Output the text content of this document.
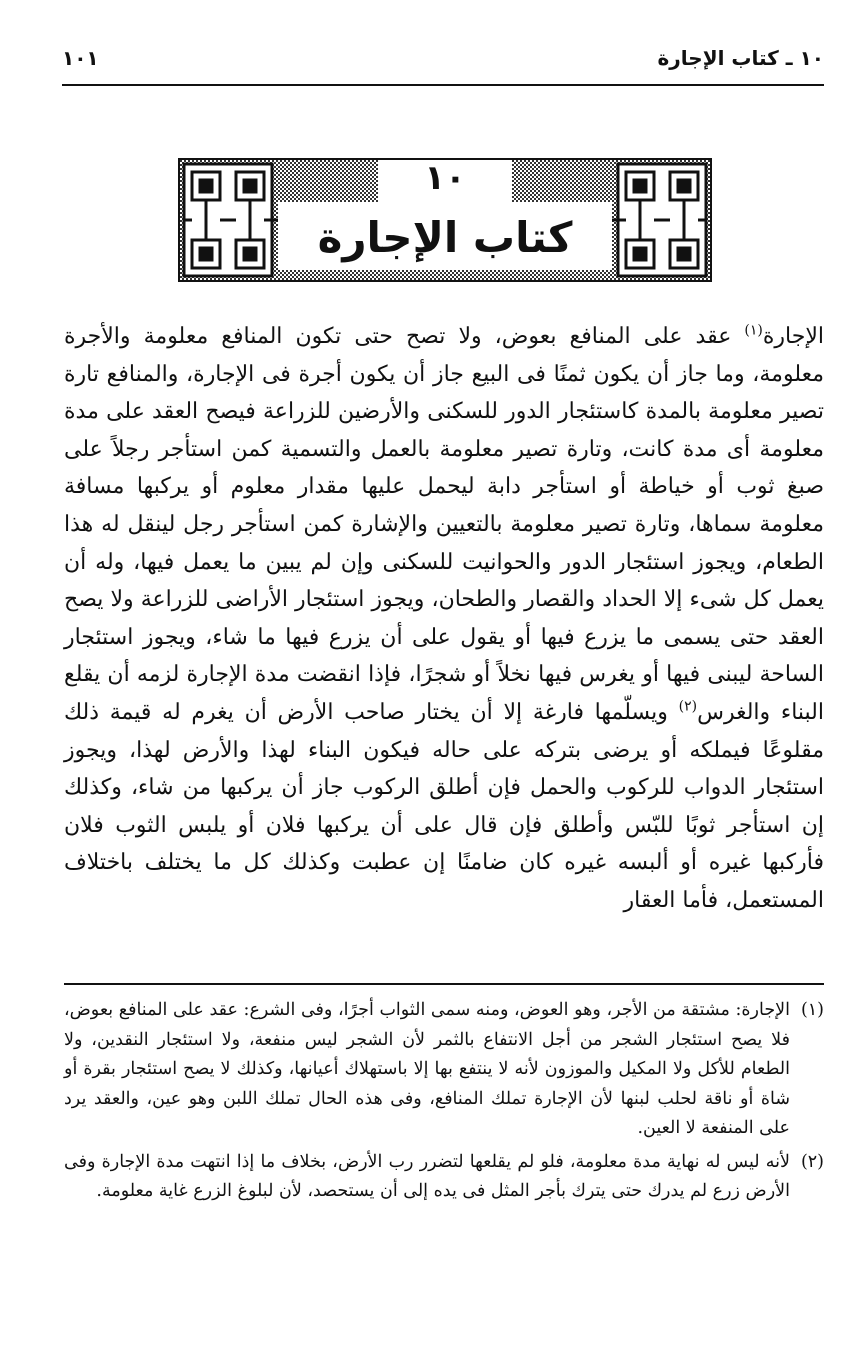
١٠ ـ كتاب الإجارة
١٠١
١٠
كتاب الإجارة
الإجارة$^{(١)}$ عقد على المنافع بعوض، ولا تصح حتى تكون المنافع معلومة والأجرة معلومة، وما جاز أن يكون ثمنًا فى البيع جاز أن يكون أجرة فى الإجارة، والمنافع تارة تصير معلومة بالمدة كاستئجار الدور للسكنى والأرضين للزراعة فيصح العقد على مدة معلومة أى مدة كانت، وتارة تصير معلومة بالعمل والتسمية كمن استأجر رجلاً على صبغ ثوب أو خياطة أو استأجر دابة ليحمل عليها مقدار معلوم أو يركبها مسافة معلومة سماها، وتارة تصير معلومة بالتعيين والإشارة كمن استأجر رجل لينقل له هذا الطعام، ويجوز استئجار الدور والحوانيت للسكنى وإن لم يبين ما يعمل فيها، وله أن يعمل كل شىء إلا الحداد والقصار والطحان، ويجوز استئجار الأراضى للزراعة ولا يصح العقد حتى يسمى ما يزرع فيها أو يقول على أن يزرع فيها ما شاء، ويجوز استئجار الساحة ليبنى فيها أو يغرس فيها نخلاً أو شجرًا، فإذا انقضت مدة الإجارة لزمه أن يقلع البناء والغرس$^{(٢)}$ ويسلّمها فارغة إلا أن يختار صاحب الأرض أن يغرم له قيمة ذلك مقلوعًا فيملكه أو يرضى بتركه على حاله فيكون البناء لهذا والأرض لهذا، ويجوز استئجار الدواب للركوب والحمل فإن أطلق الركوب جاز أن يركبها من شاء، وكذلك إن استأجر ثوبًا للبّس وأطلق فإن قال على أن يركبها فلان أو يلبس الثوب فلان فأركبها غيره أو ألبسه غيره كان ضامنًا إن عطبت وكذلك كل ما يختلف باختلاف المستعمل، فأما العقار
(١)
الإجارة: مشتقة من الأجر، وهو العوض، ومنه سمى الثواب أجرًا، وفى الشرع: عقد على المنافع بعوض، فلا يصح استئجار الشجر من أجل الانتفاع بالثمر لأن الشجر ليس منفعة، ولا استئجار النقدين، ولا الطعام للأكل ولا المكيل والموزون لأنه لا ينتفع بها إلا باستهلاك أعيانها، وكذلك لا يصح استئجار بقرة أو شاة أو ناقة لحلب لبنها لأن الإجارة تملك المنافع، وفى هذه الحال تملك اللبن وهو عين، والعقد يرد على المنفعة لا العين.
(٢)
لأنه ليس له نهاية مدة معلومة، فلو لم يقلعها لتضرر رب الأرض، بخلاف ما إذا انتهت مدة الإجارة وفى الأرض زرع لم يدرك حتى يترك بأجر المثل فى يده إلى أن يستحصد، لأن لبلوغ الزرع غاية معلومة.
